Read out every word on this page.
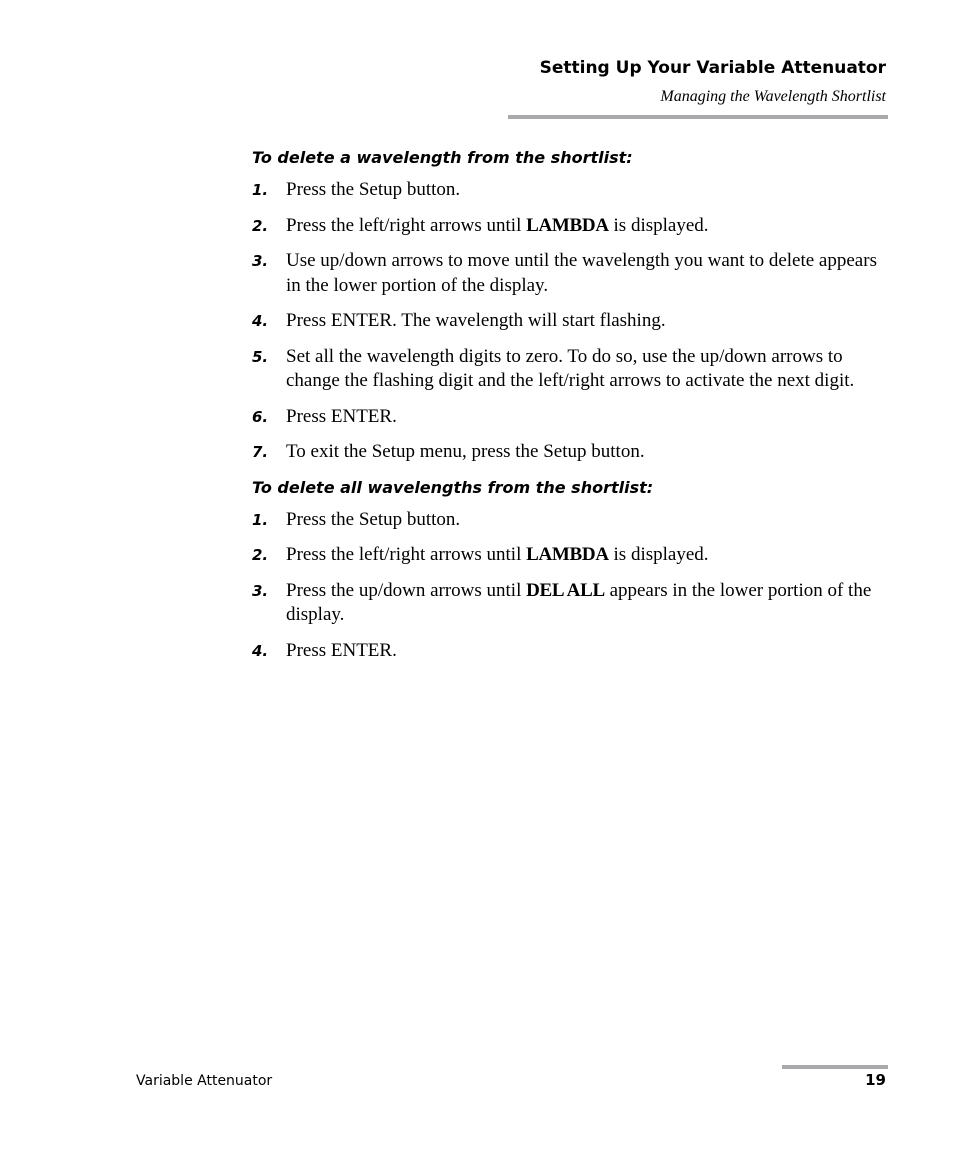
Setting Up Your Variable Attenuator
Managing the Wavelength Shortlist
To delete a wavelength from the shortlist:
1. Press the Setup button.
2. Press the left/right arrows until LAMBDA is displayed.
3. Use up/down arrows to move until the wavelength you want to delete appears in the lower portion of the display.
4. Press ENTER. The wavelength will start flashing.
5. Set all the wavelength digits to zero. To do so, use the up/down arrows to change the flashing digit and the left/right arrows to activate the next digit.
6. Press ENTER.
7. To exit the Setup menu, press the Setup button.
To delete all wavelengths from the shortlist:
1. Press the Setup button.
2. Press the left/right arrows until LAMBDA is displayed.
3. Press the up/down arrows until DEL ALL appears in the lower portion of the display.
4. Press ENTER.
Variable Attenuator	19
